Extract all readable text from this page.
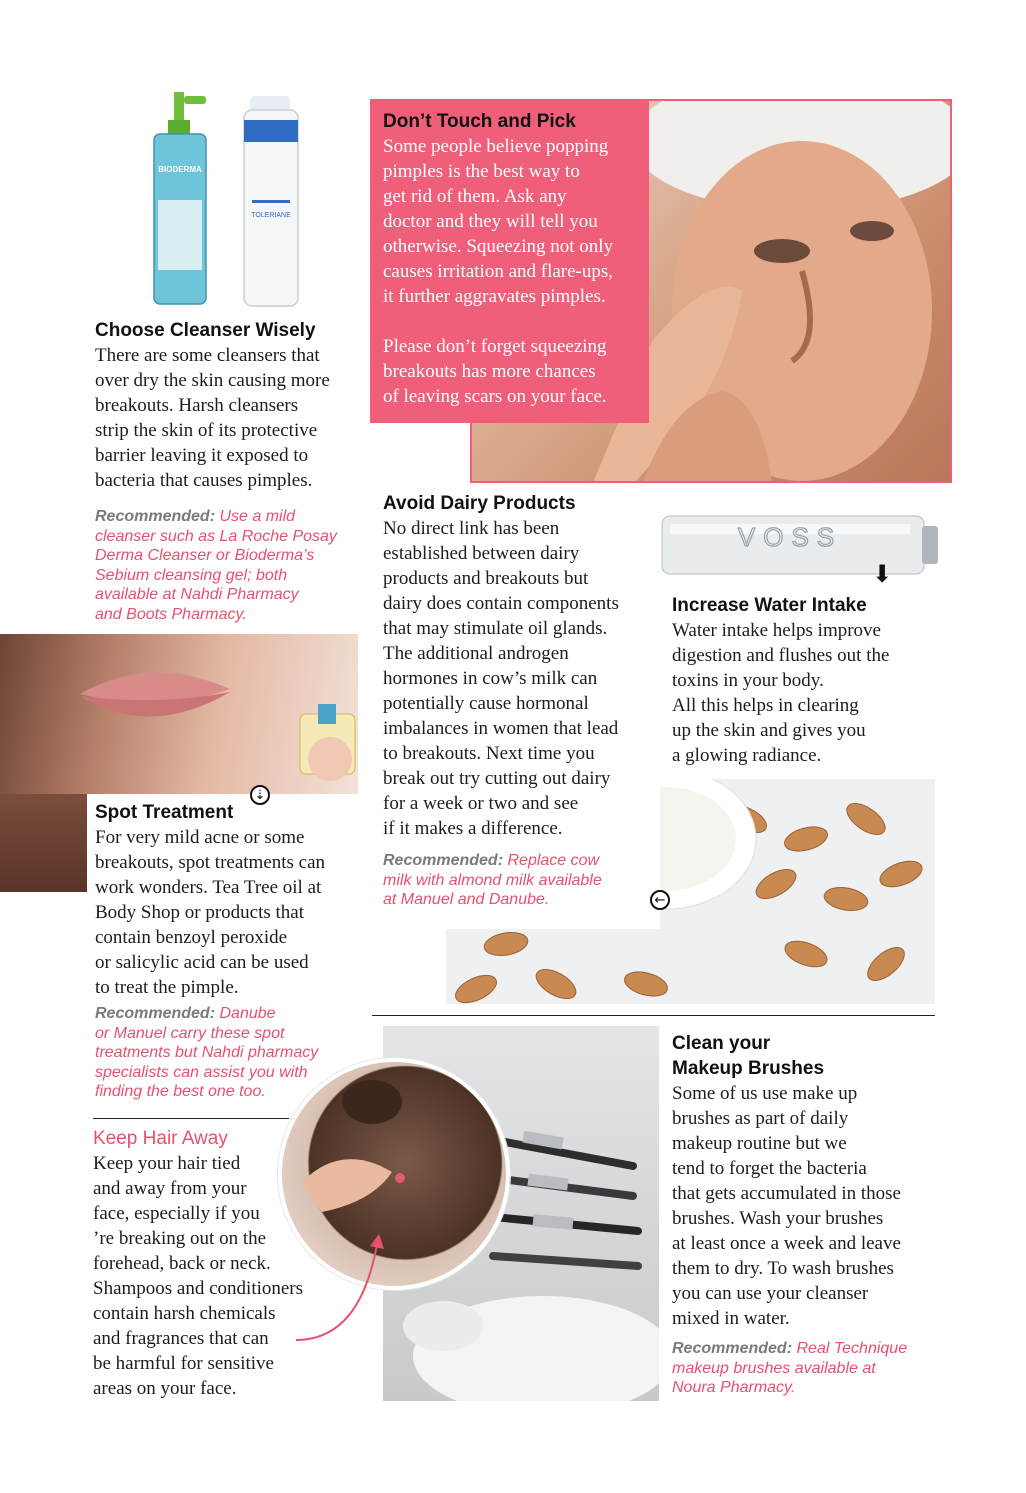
BIODERMA
TOLERIANE
VOSS
⇣
←
⬇
Choose Cleanser Wisely
There are some cleansers that
over dry the skin causing more
breakouts. Harsh cleansers
strip the skin of its protective
barrier leaving it exposed to
bacteria that causes pimples.
Recommended: Use a mild
cleanser such as La Roche Posay
Derma Cleanser or Bioderma’s
Sebium cleansing gel; both
available at Nahdi Pharmacy
and Boots Pharmacy.
Don’t Touch and Pick
Some people believe popping
pimples is the best way to
get rid of them. Ask any
doctor and they will tell you
otherwise. Squeezing not only
causes irritation and flare-ups,
it further aggravates pimples.
Please don’t forget squeezing
breakouts has more chances
of leaving scars on your face.
Avoid Dairy Products
No direct link has been
established between dairy
products and breakouts but
dairy does contain components
that may stimulate oil glands.
The additional androgen
hormones in cow’s milk can
potentially cause hormonal
imbalances in women that lead
to breakouts. Next time you
break out try cutting out dairy
for a week or two and see
if it makes a difference.
Recommended: Replace cow
milk with almond milk available
at Manuel and Danube.
Increase Water Intake
Water intake helps improve
digestion and flushes out the
toxins in your body.
All this helps in clearing
up the skin and gives you
a glowing radiance.
Spot Treatment
For very mild acne or some
breakouts, spot treatments can
work wonders. Tea Tree oil at
Body Shop or products that
contain benzoyl peroxide
or salicylic acid can be used
to treat the pimple.
Recommended: Danube
or Manuel carry these spot
treatments but Nahdi pharmacy
specialists can assist you with
finding the best one too.
Keep Hair Away
Keep your hair tied
and away from your
face, especially if you
’re breaking out on the
forehead, back or neck.
Shampoos and conditioners
contain harsh chemicals
and fragrances that can
be harmful for sensitive
areas on your face.
Clean your
Makeup Brushes
Some of us use make up
brushes as part of daily
makeup routine but we
tend to forget the bacteria
that gets accumulated in those
brushes. Wash your brushes
at least once a week and leave
them to dry. To wash brushes
you can use your cleanser
mixed in water.
Recommended: Real Technique
makeup brushes available at
Noura Pharmacy.
